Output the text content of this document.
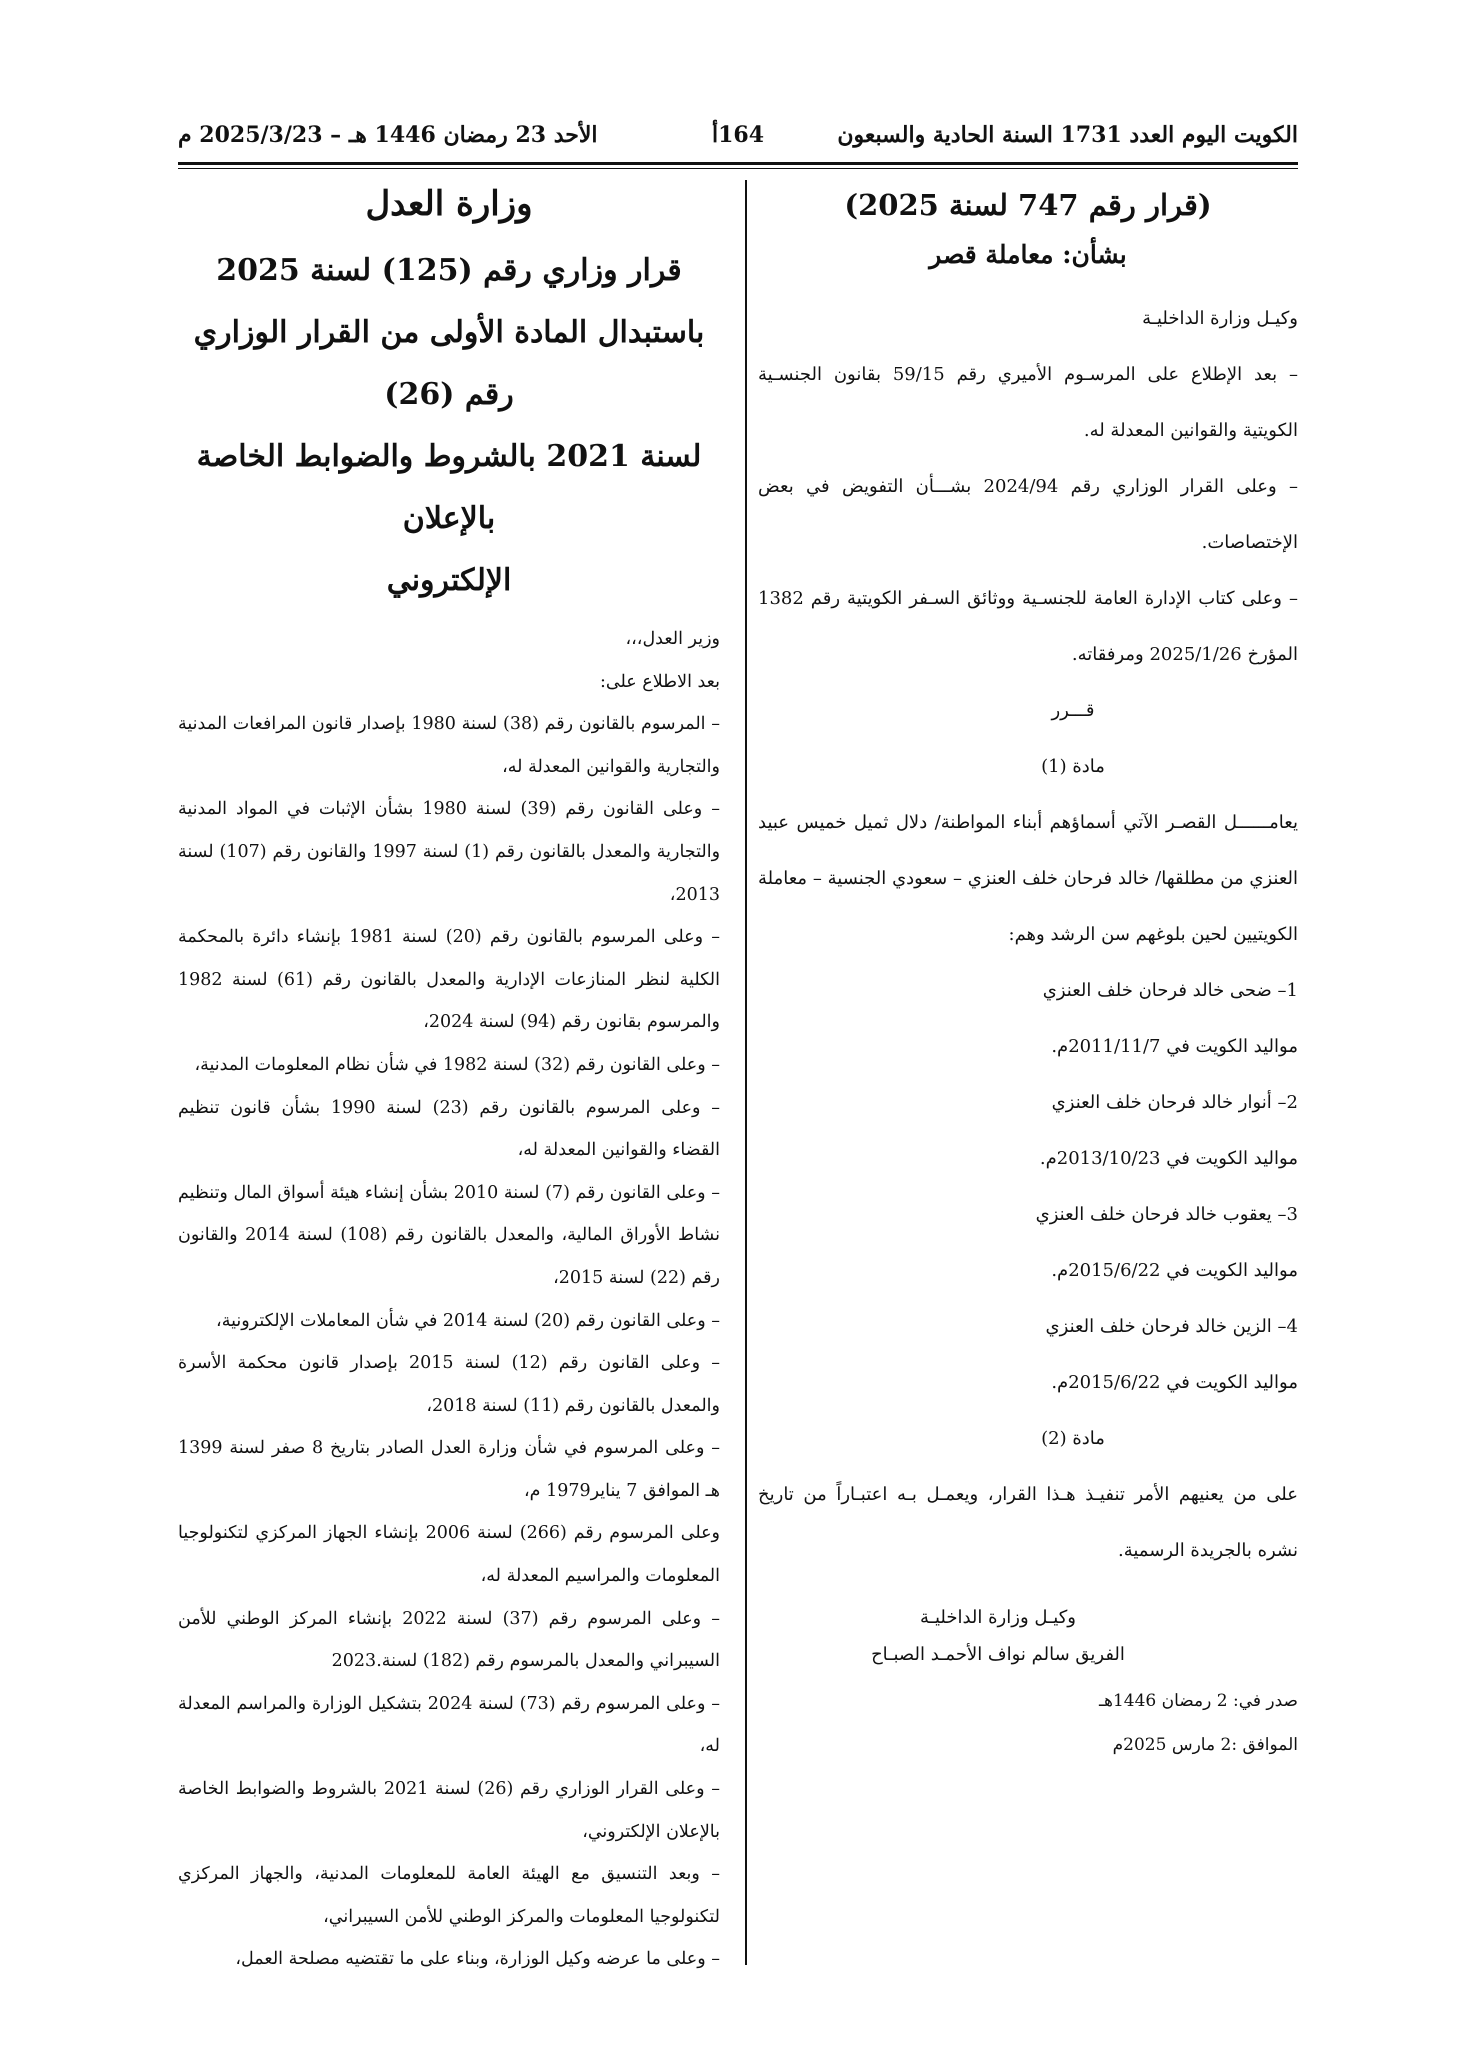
الكويت اليوم العدد 1731 السنة الحادية والسبعون
164أ
الأحد 23 رمضان 1446 هـ – 2025/3/23 م
(قرار رقم 747 لسنة 2025)
بشأن: معاملة قصر

وكيـل وزارة الداخليـة

– بعد الإطلاع على المرسـوم الأميري رقم 59/15 بقانون الجنسـية الكويتية والقوانين المعدلة له.

– وعلى القرار الوزاري رقم 2024/94 بشـــأن التفويض في بعض الإختصاصات.

– وعلى كتاب الإدارة العامة للجنسـية ووثائق السـفر الكويتية رقم 1382 المؤرخ 2025/1/26 ومرفقاته.

قـــرر

مادة (1)

يعامــــــل القصـر الآتي أسماؤهم أبناء المواطنة/ دلال ثميل خميس عبيد العنزي من مطلقها/ خالد فرحان خلف العنزي – سعودي الجنسية – معاملة الكويتيين لحين بلوغهم سن الرشد وهم:

1– ضحى خالد فرحان خلف العنزي

مواليد الكويت في 2011/11/7م.

2– أنوار خالد فرحان خلف العنزي

مواليد الكويت في 2013/10/23م.

3– يعقوب خالد فرحان خلف العنزي

مواليد الكويت في 2015/6/22م.

4– الزين خالد فرحان خلف العنزي

مواليد الكويت في 2015/6/22م.

مادة (2)

على من يعنيهم الأمر تنفيـذ هـذا القرار، ويعمـل بـه اعتبـاراً من تاريخ نشره بالجريدة الرسمية.

وكيـل وزارة الداخليـة
الفريق سالم نواف الأحمـد الصبـاح
صدر في: 2 رمضان 1446هـ
الموافق :2 مارس 2025م
وزارة العدل
قرار وزاري رقم (125) لسنة 2025
باستبدال المادة الأولى من القرار الوزاري رقم (26)
لسنة 2021 بالشروط والضوابط الخاصة بالإعلان
الإلكتروني

وزير العدل،،،

بعد الاطلاع على:

– المرسوم بالقانون رقم (38) لسنة 1980 بإصدار قانون المرافعات المدنية والتجارية والقوانين المعدلة له،

– وعلى القانون رقم (39) لسنة 1980 بشأن الإثبات في المواد المدنية والتجارية والمعدل بالقانون رقم (1) لسنة 1997 والقانون رقم (107) لسنة 2013،

– وعلى المرسوم بالقانون رقم (20) لسنة 1981 بإنشاء دائرة بالمحكمة الكلية لنظر المنازعات الإدارية والمعدل بالقانون رقم (61) لسنة 1982 والمرسوم بقانون رقم (94) لسنة 2024،

– وعلى القانون رقم (32) لسنة 1982 في شأن نظام المعلومات المدنية،

– وعلى المرسوم بالقانون رقم (23) لسنة 1990 بشأن قانون تنظيم القضاء والقوانين المعدلة له،

– وعلى القانون رقم (7) لسنة 2010 بشأن إنشاء هيئة أسواق المال وتنظيم نشاط الأوراق المالية، والمعدل بالقانون رقم (108) لسنة 2014 والقانون رقم (22) لسنة 2015،

– وعلى القانون رقم (20) لسنة 2014 في شأن المعاملات الإلكترونية،

– وعلى القانون رقم (12) لسنة 2015 بإصدار قانون محكمة الأسرة والمعدل بالقانون رقم (11) لسنة 2018،

– وعلى المرسوم في شأن وزارة العدل الصادر بتاريخ 8 صفر لسنة 1399 هـ الموافق 7 يناير1979 م،

وعلى المرسوم رقم (266) لسنة 2006 بإنشاء الجهاز المركزي لتكنولوجيا المعلومات والمراسيم المعدلة له،

– وعلى المرسوم رقم (37) لسنة 2022 بإنشاء المركز الوطني للأمن السيبراني والمعدل بالمرسوم رقم (182) لسنة.2023

– وعلى المرسوم رقم (73) لسنة 2024 بتشكيل الوزارة والمراسم المعدلة له،

– وعلى القرار الوزاري رقم (26) لسنة 2021 بالشروط والضوابط الخاصة بالإعلان الإلكتروني،

– وبعد التنسيق مع الهيئة العامة للمعلومات المدنية، والجهاز المركزي لتكنولوجيا المعلومات والمركز الوطني للأمن السيبراني،

– وعلى ما عرضه وكيل الوزارة، وبناء على ما تقتضيه مصلحة العمل،
